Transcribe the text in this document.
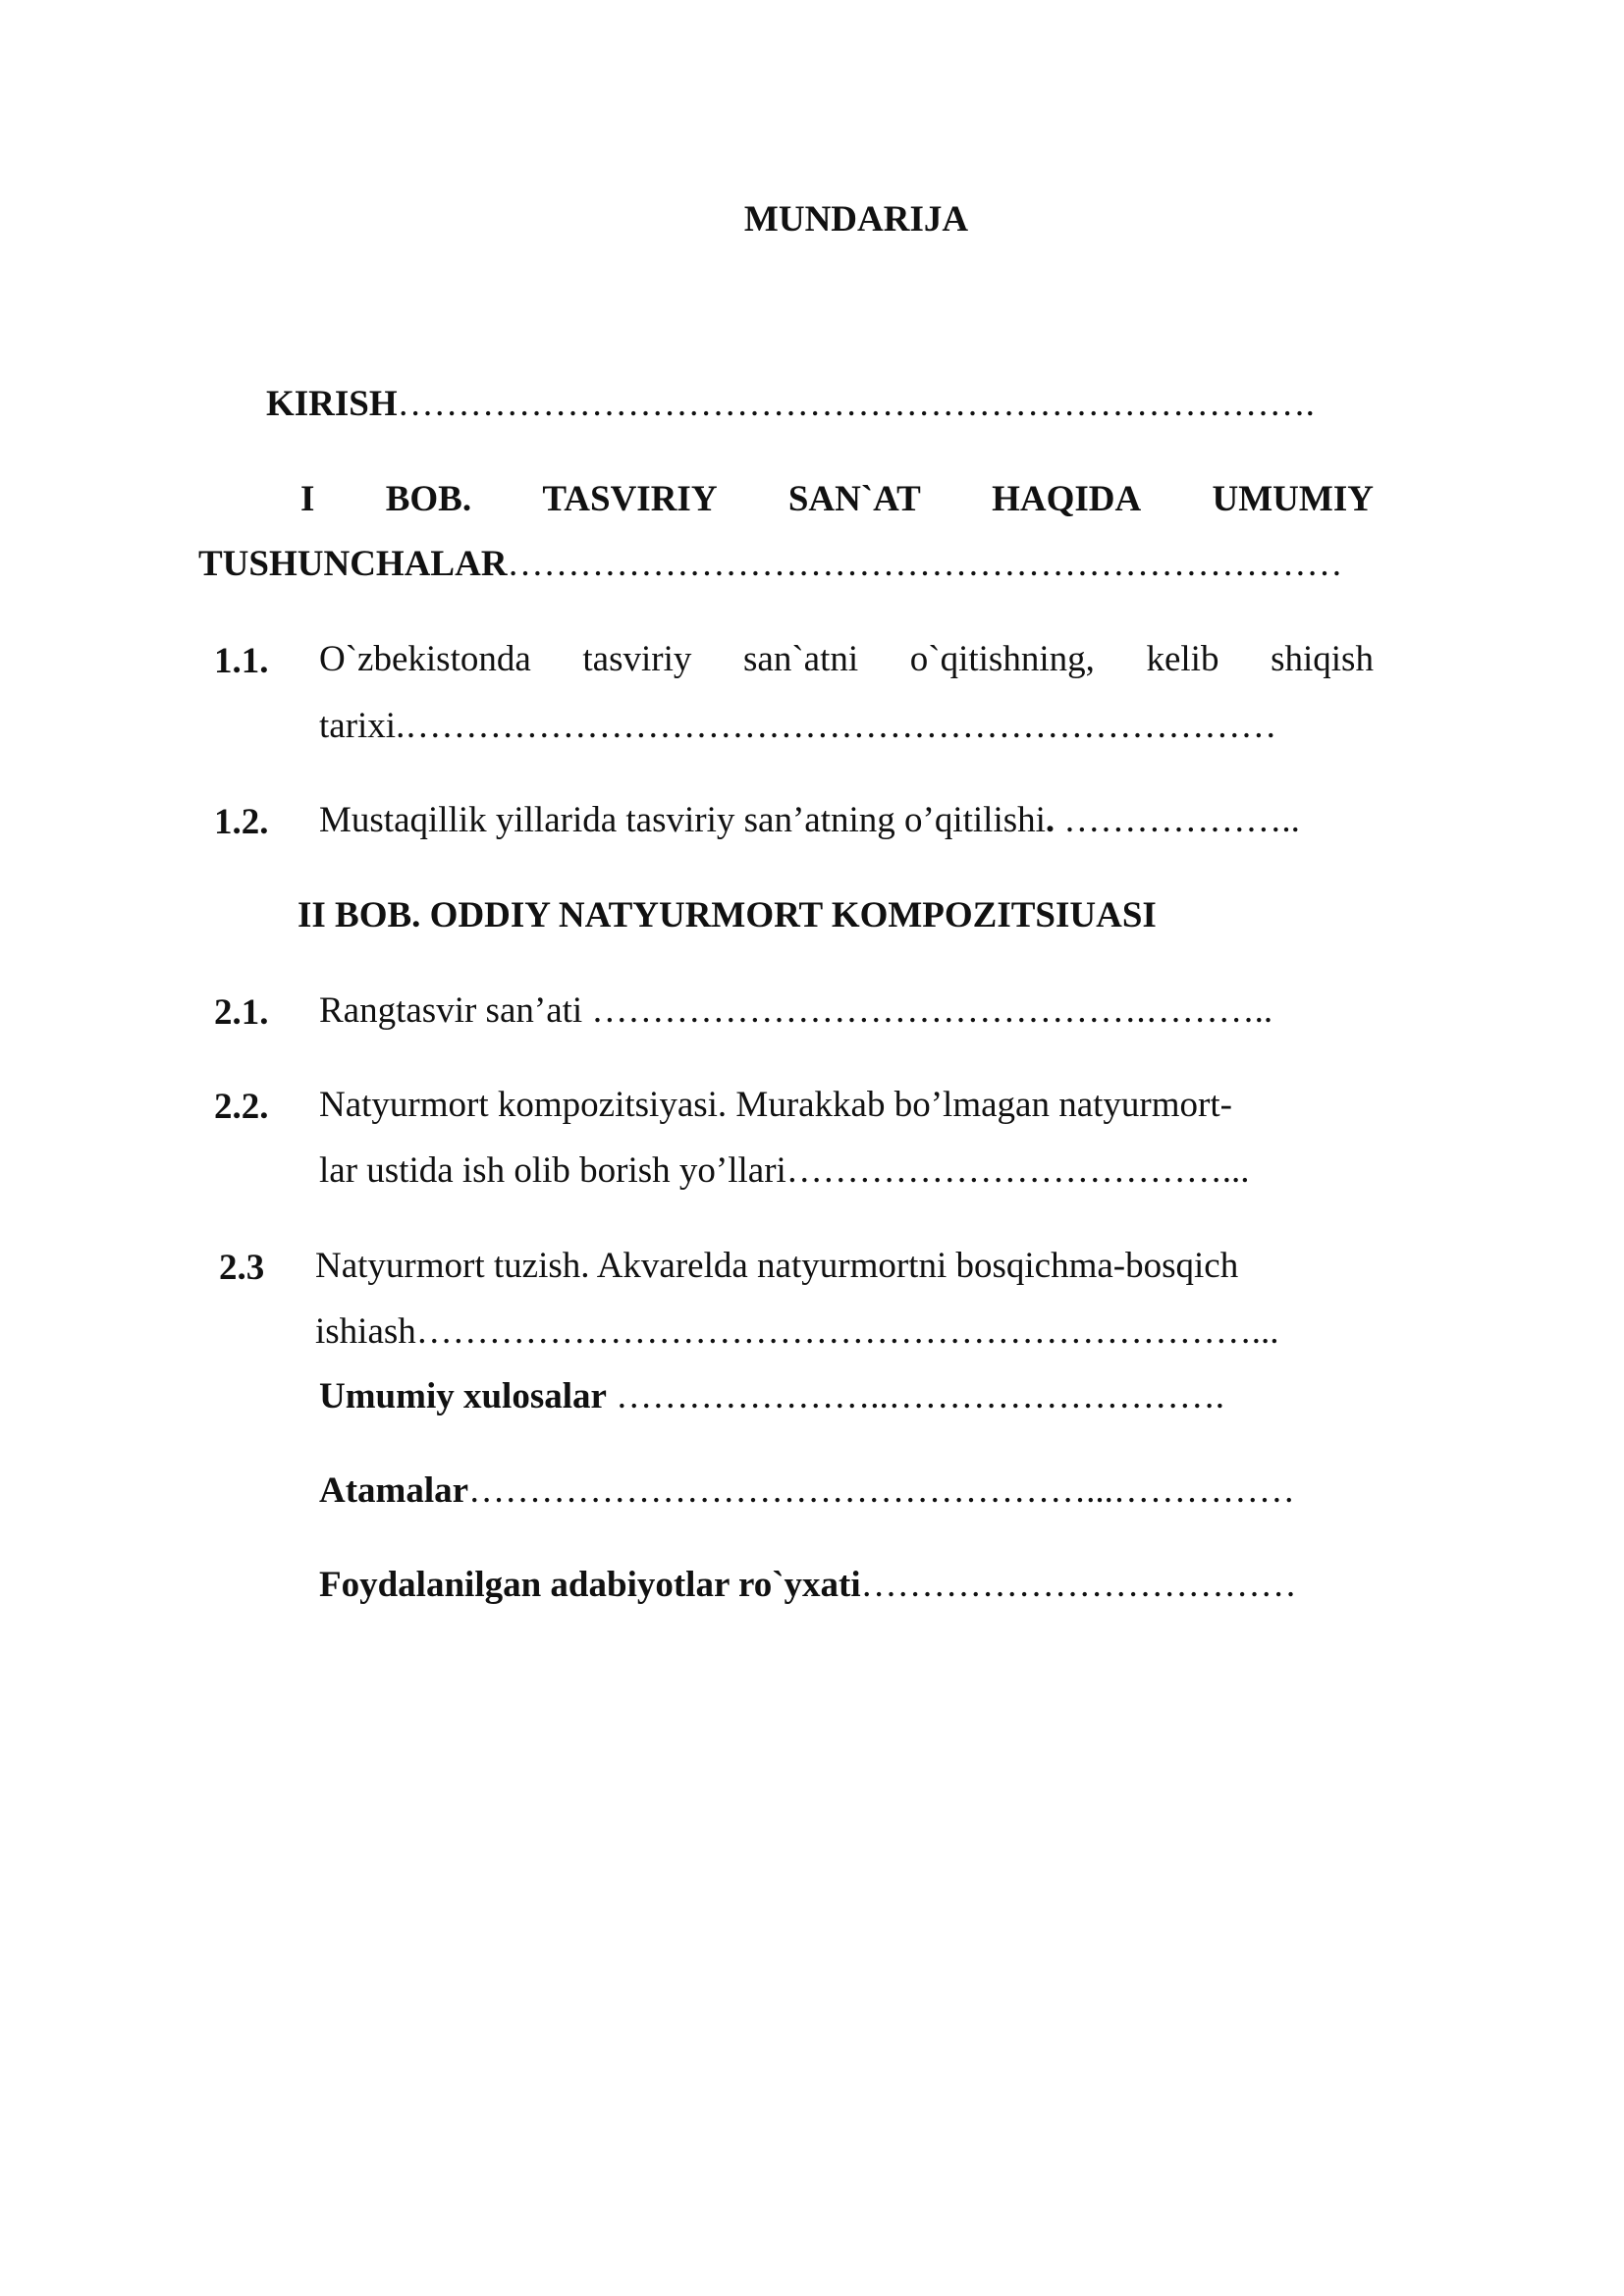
MUNDARIJA
KIRISH………………………………………………………………….
I BOB. TASVIRIY SAN`AT HAQIDA UMUMIY
TUSHUNCHALAR……………………………………………………………
1.1. O`zbekistonda tasviriy san`atni o`qitishning, kelib shiqish
tarixi.………………………………………………………………
1.2. Mustaqillik yillarida tasviriy san’atning o’qitilishi. ………………..
II BOB. ODDIY NATYURMORT KOMPOZITSIUASI
2.1. Rangtasvir san’ati ……………………………………….………..
2.2. Natyurmort kompozitsiyasi. Murakkab bo’lmagan natyurmort-
lar ustida ish olib borish yo’llari………………………………...
2.3 Natyurmort tuzish. Akvarelda natyurmortni bosqichma-bosqich
ishiash……………………………………………………………...
Umumiy xulosalar …………………..……………………….
Atamalar……………………………………………...……………
Foydalanilgan adabiyotlar ro`yxati………………………………
